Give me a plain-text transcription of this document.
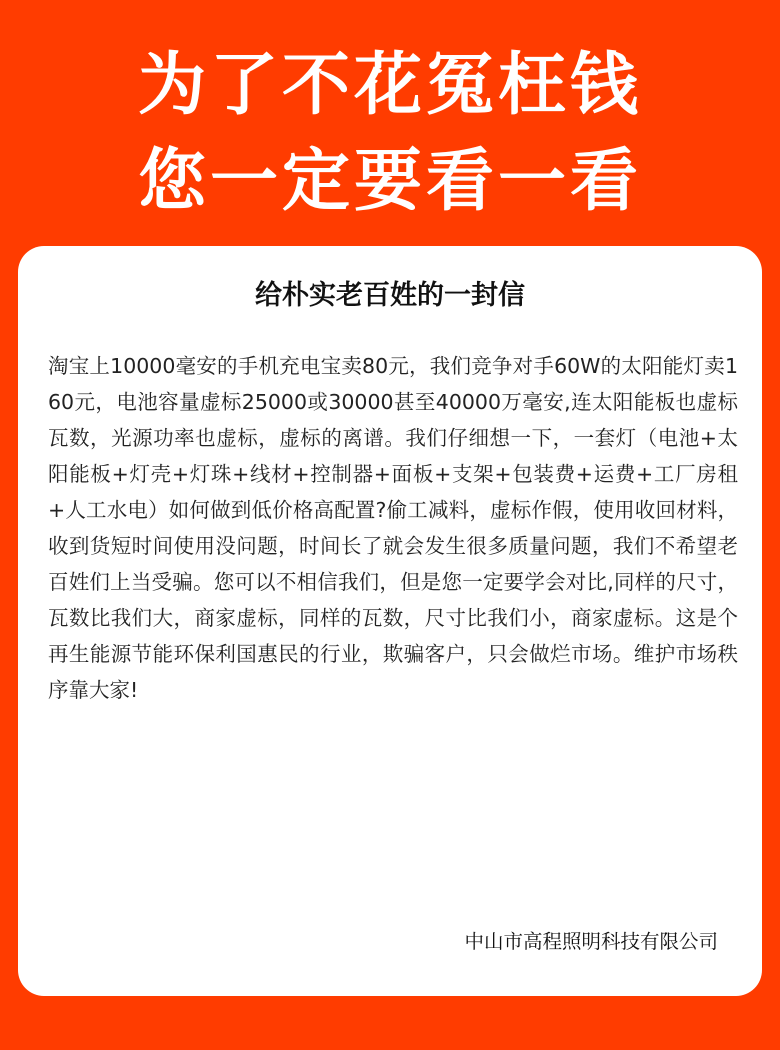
为了不花冤枉钱
您一定要看一看
给朴实老百姓的一封信
淘宝上10000毫安的手机充电宝卖80元，我们竞争对手60W的太阳能灯卖160元，电池容量虚标25000或30000甚至40000万毫安,连太阳能板也虚标瓦数，光源功率也虚标，虚标的离谱。我们仔细想一下，一套灯（电池+太阳能板+灯壳+灯珠+线材+控制器+面板+支架+包装费+运费+工厂房租+人工水电）如何做到低价格高配置?偷工减料，虚标作假，使用收回材料，收到货短时间使用没问题，时间长了就会发生很多质量问题，我们不希望老百姓们上当受骗。您可以不相信我们，但是您一定要学会对比,同样的尺寸，瓦数比我们大，商家虚标，同样的瓦数，尺寸比我们小，商家虚标。这是个再生能源节能环保利国惠民的行业，欺骗客户，只会做烂市场。维护市场秩序靠大家!
中山市高程照明科技有限公司
